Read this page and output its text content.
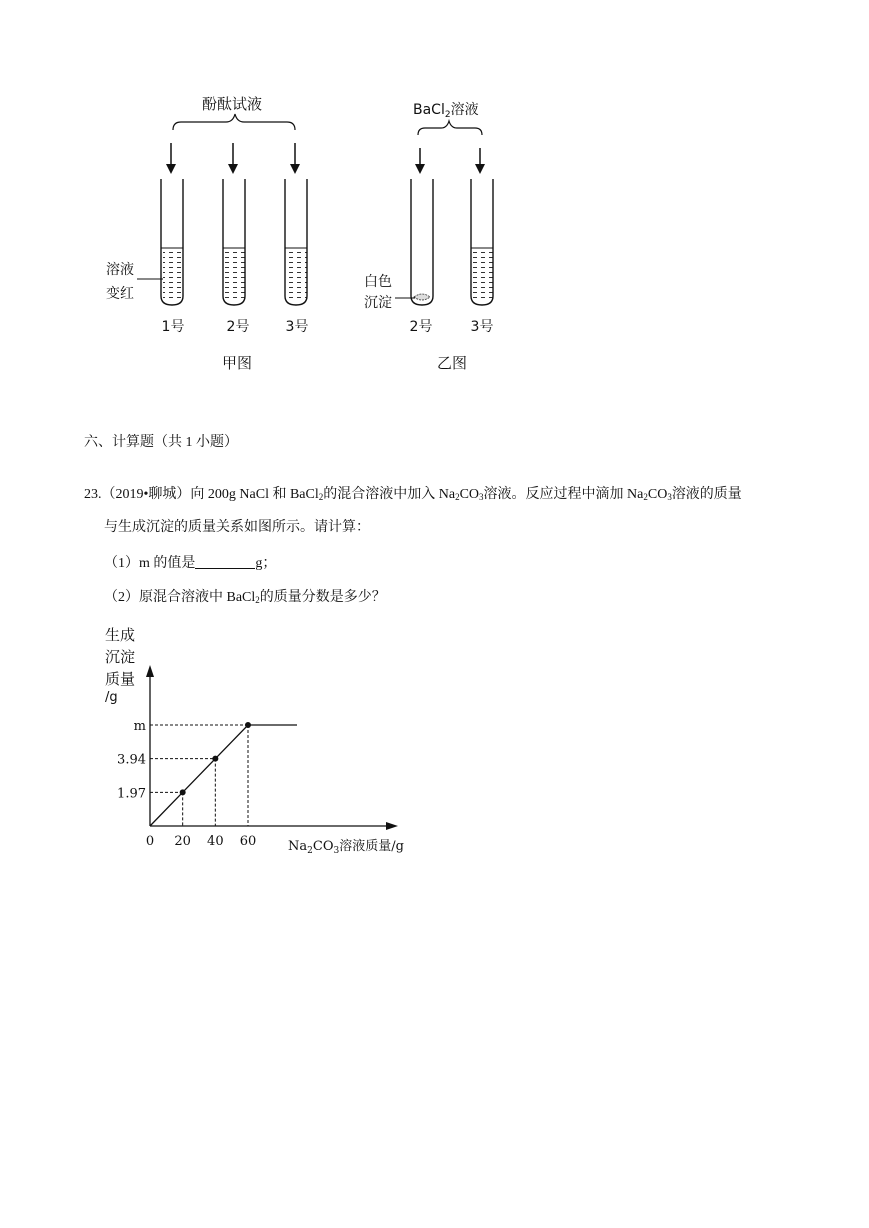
酚酞试液
溶液
变红
1号	2号	3号
甲图
BaCl$_2$溶液
白色
沉淀
2号	3号
乙图
六、计算题（共 1 小题）
23.（2019•聊城）向 200g NaCl 和 BaCl$_2$的混合溶液中加入 $Na_2CO_3$溶液。反应过程中滴加 $Na_2CO_3$溶液的质量
与生成沉淀的质量关系如图所示。请计算：
（1）m 的值是	g；
（2）原混合溶液中 BaCl$_2$的质量分数是多少？
生成
沉淀
质量
/g
0	$Na_2CO_3$溶液质量/g
20 40 60
1.97
3.94
m
